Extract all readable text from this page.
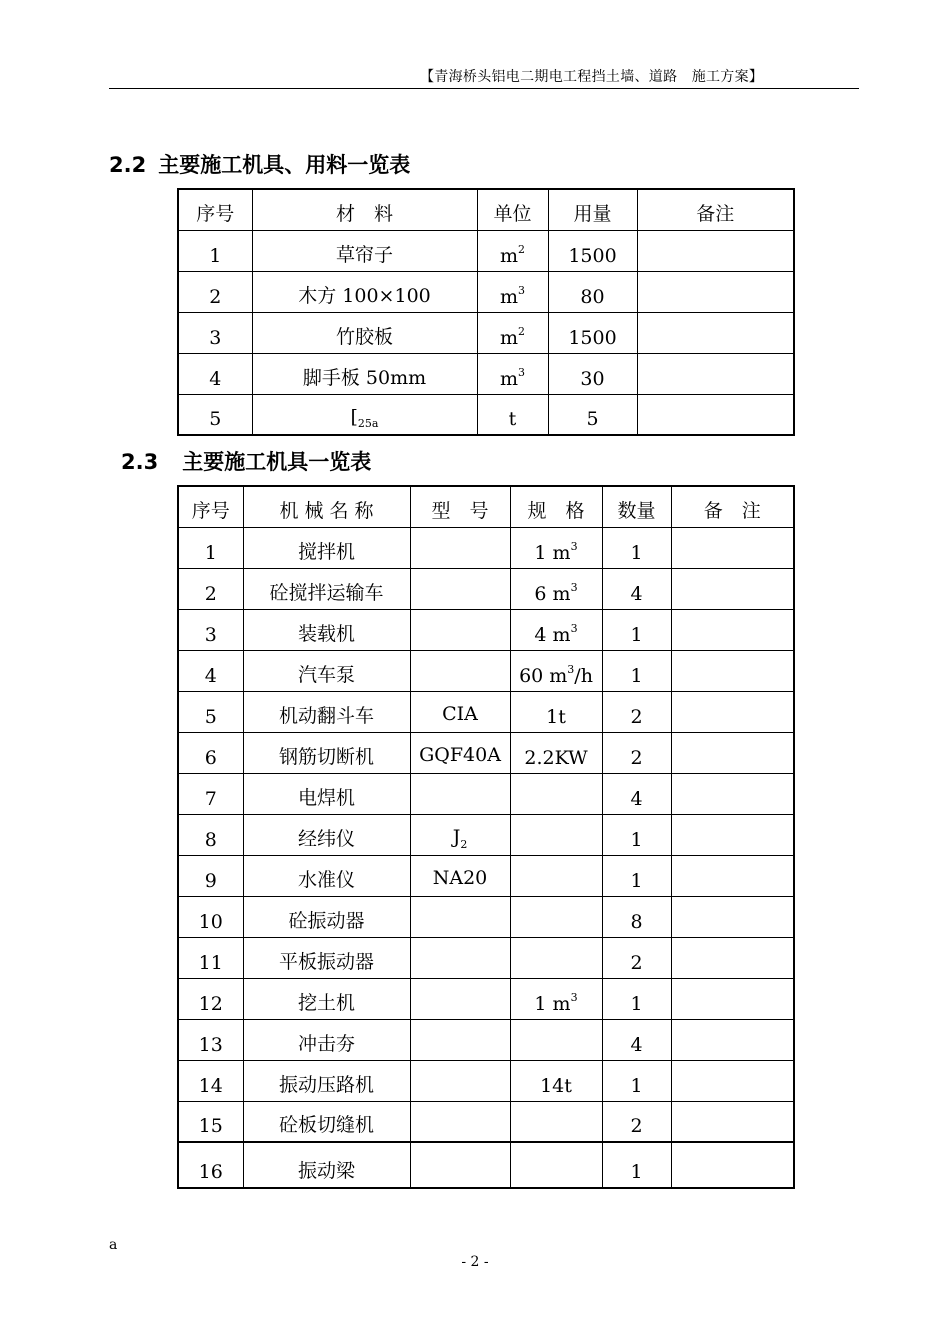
【青海桥头铝电二期电工程挡土墙、道路　施工方案】
2.2 主要施工机具、用料一览表
序号	材　料	单位	用量	备注
1	草帘子	$m^2$	1500	
2	木方 100×100	$m^3$	80	
3	竹胶板	$m^2$	1500	
4	脚手板 50mm	$m^3$	30	
5	[$_{25a}$	t	5	
2.3 主要施工机具一览表
序号	机 械 名 称	型　号	规　格	数量	备　注
1	搅拌机		1 $m^3$	1	
2	砼搅拌运输车		6 $m^3$	4	
3	装载机		4 $m^3$	1	
4	汽车泵		60 $m^3/h$	1	
5	机动翻斗车	CIA	1t	2	
6	钢筋切断机	GQF40A	2.2KW	2	
7	电焊机			4	
8	经纬仪	$J_2$		1	
9	水准仪	NA20		1	
10	砼振动器			8	
11	平板振动器			2	
12	挖土机		1 $m^3$	1	
13	冲击夯			4	
14	振动压路机		14t	1	
15	砼板切缝机			2	
16	振动梁			1	
a
- 2 -
